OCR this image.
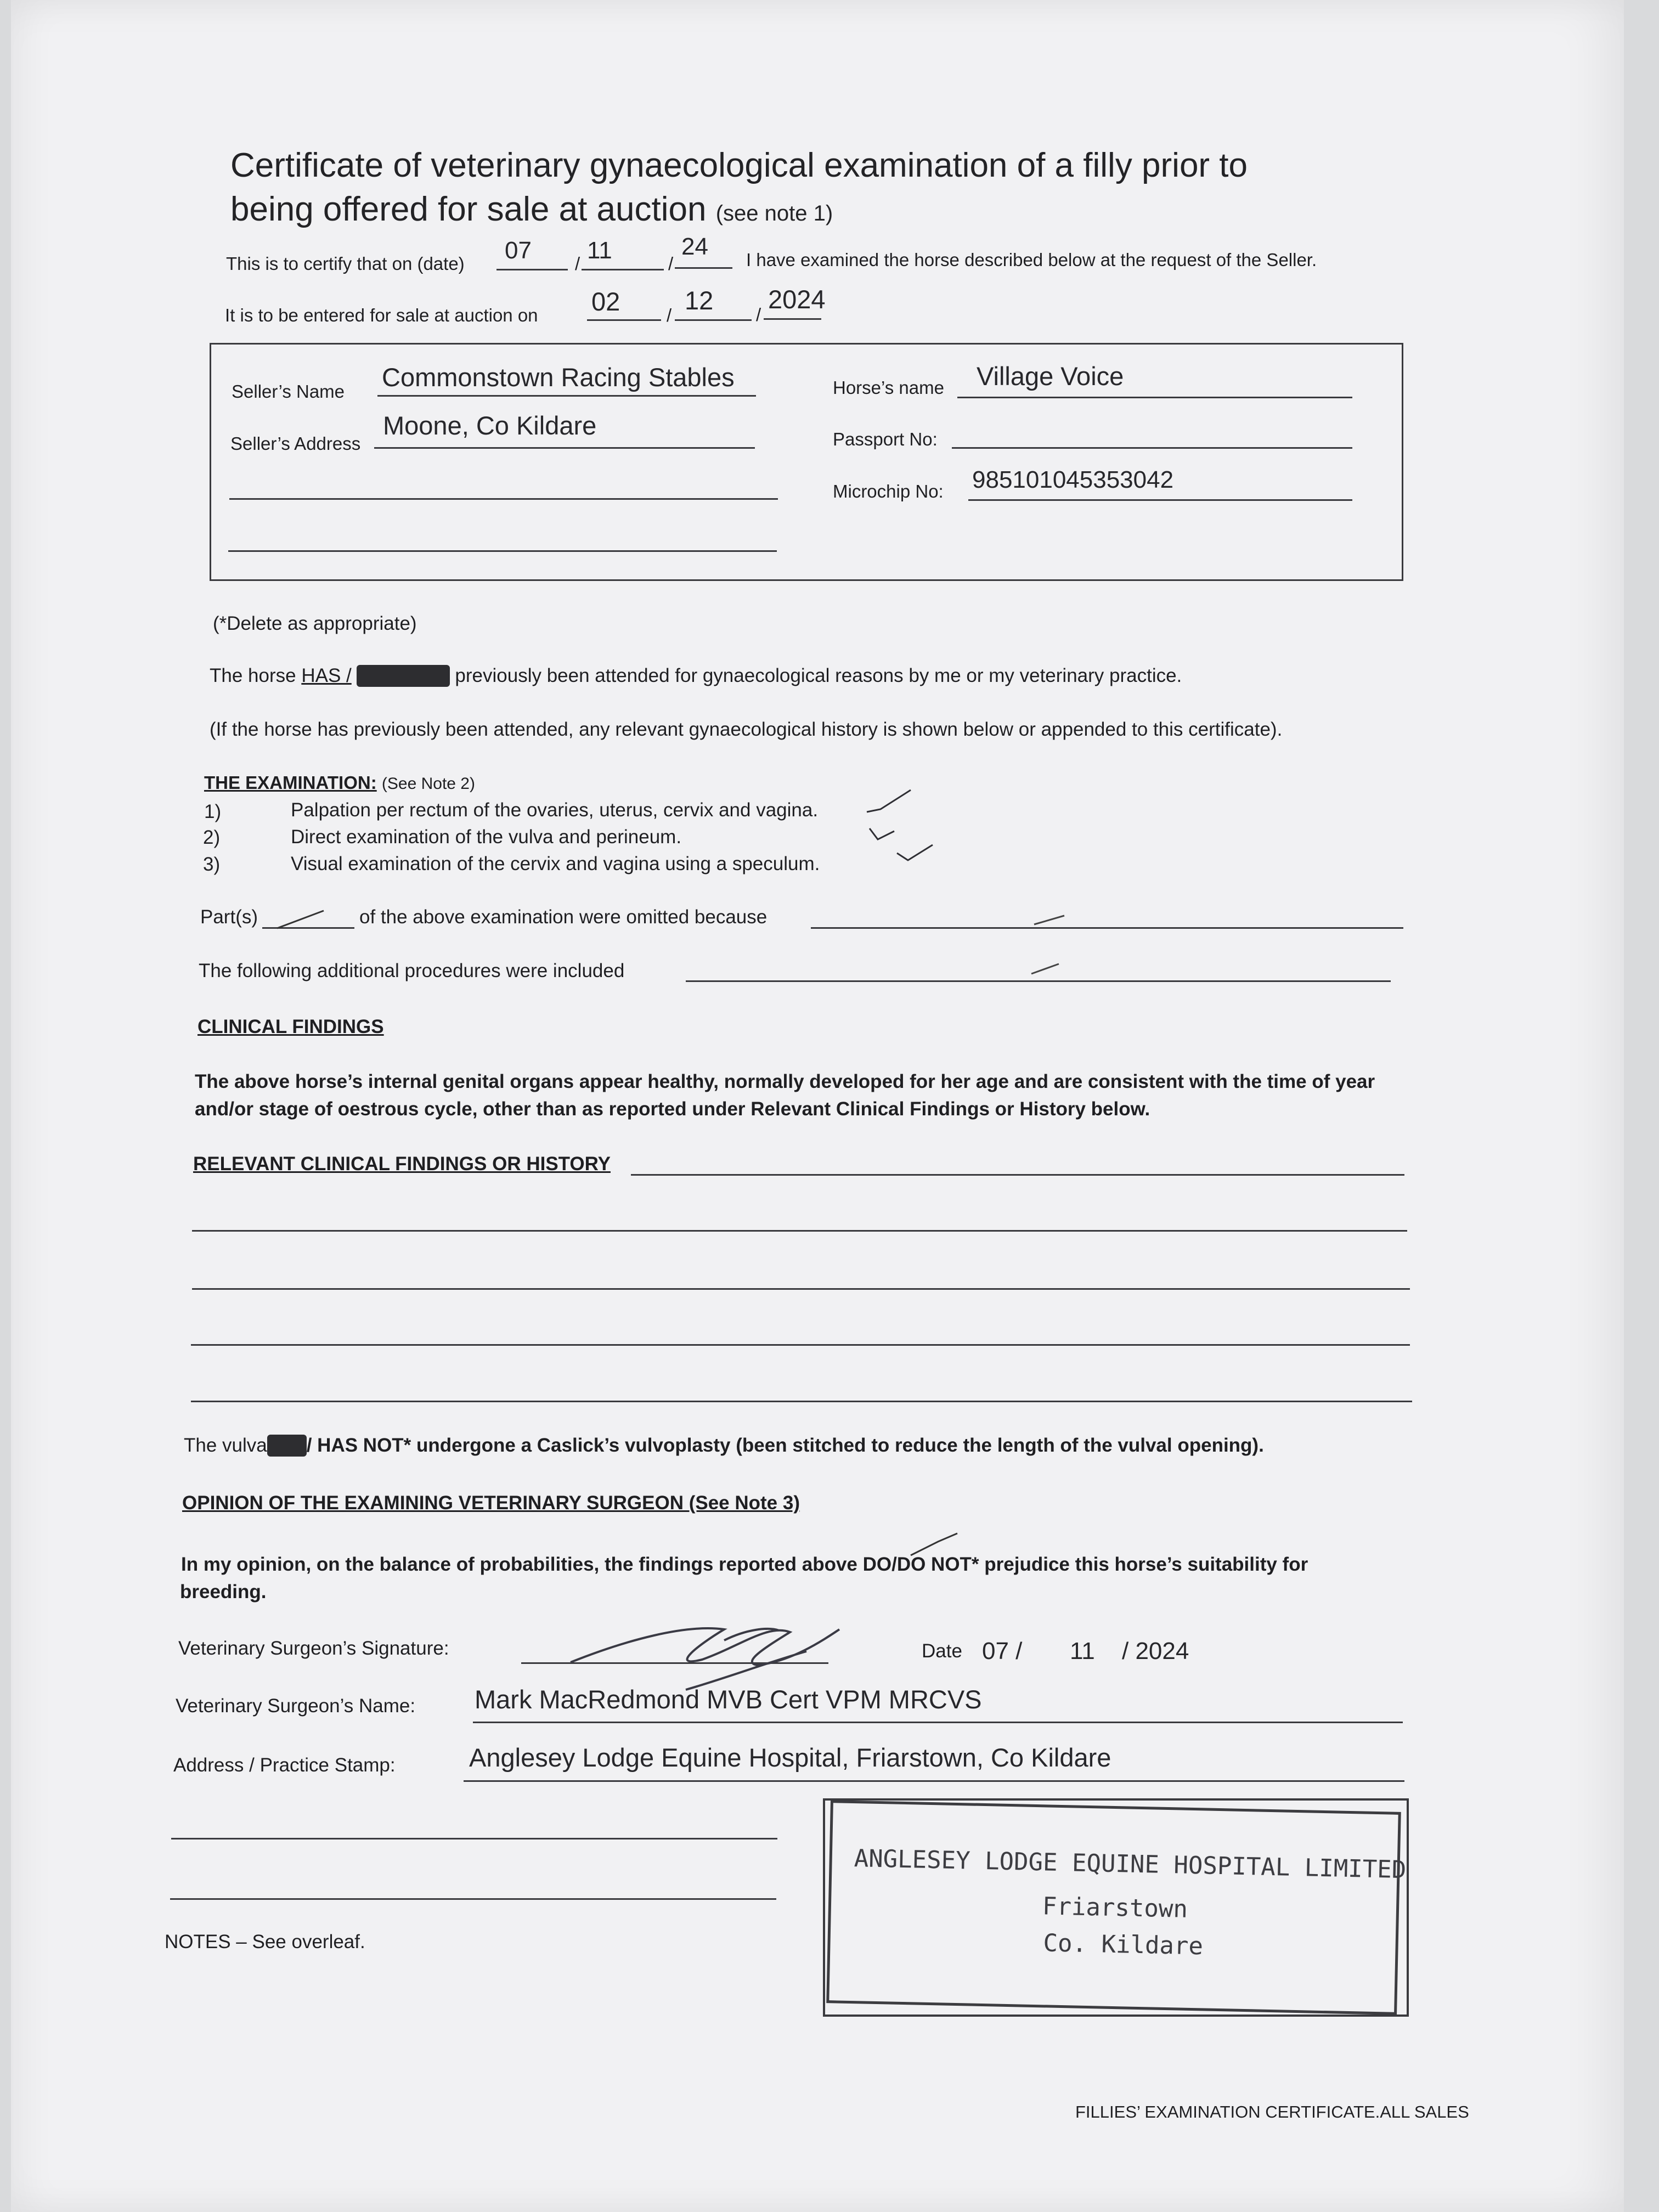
Certificate of veterinary gynaecological examination of a filly prior to
being offered for sale at auction (see note 1)
This is to certify that on (date) 07 / 11	/
24 I have examined the horse described below at the request of the Seller.
It is to be entered for sale at auction on 02	/
12 /
2024
Seller’s Name Commonstown Racing Stables
Seller’s Address
Moone, Co Kildare
Horse’s name Village Voice
Passport No:
Microchip No: 985101045353042
(*Delete as appropriate)
The horse HAS /	previously been attended for gynaecological reasons by me or my veterinary practice.
(If the horse has previously been attended, any relevant gynaecological history is shown below or appended to this certificate).
THE EXAMINATION: (See Note 2)
1)	Palpation per rectum of the ovaries, uterus, cervix and vagina.
2)	Direct examination of the vulva and perineum.
3)	Visual examination of the cervix and vagina using a speculum.
Part(s)	of the above examination were omitted because
The following additional procedures were included
CLINICAL FINDINGS
The above horse’s internal genital organs appear healthy, normally developed for her age and are consistent with the time of year
and/or stage of oestrous cycle, other than as reported under Relevant Clinical Findings or History below.
RELEVANT CLINICAL FINDINGS OR HISTORY
The vulva / HAS NOT* undergone a Caslick’s vulvoplasty (been stitched to reduce the length of the vulval opening).
OPINION OF THE EXAMINING VETERINARY SURGEON (See Note 3)
In my opinion, on the balance of probabilities, the findings reported above DO/DO NOT* prejudice this horse’s suitability for
breeding.
Veterinary Surgeon’s Signature:	Date 07 / 11 / 2024
Veterinary Surgeon’s Name: Mark MacRedmond MVB Cert VPM MRCVS
Address / Practice Stamp:	Anglesey Lodge Equine Hospital, Friarstown, Co Kildare
ANGLESEY LODGE EQUINE HOSPITAL LIMITED
Friarstown
Co. Kildare
NOTES – See overleaf.
FILLIES’ EXAMINATION CERTIFICATE.ALL SALES
